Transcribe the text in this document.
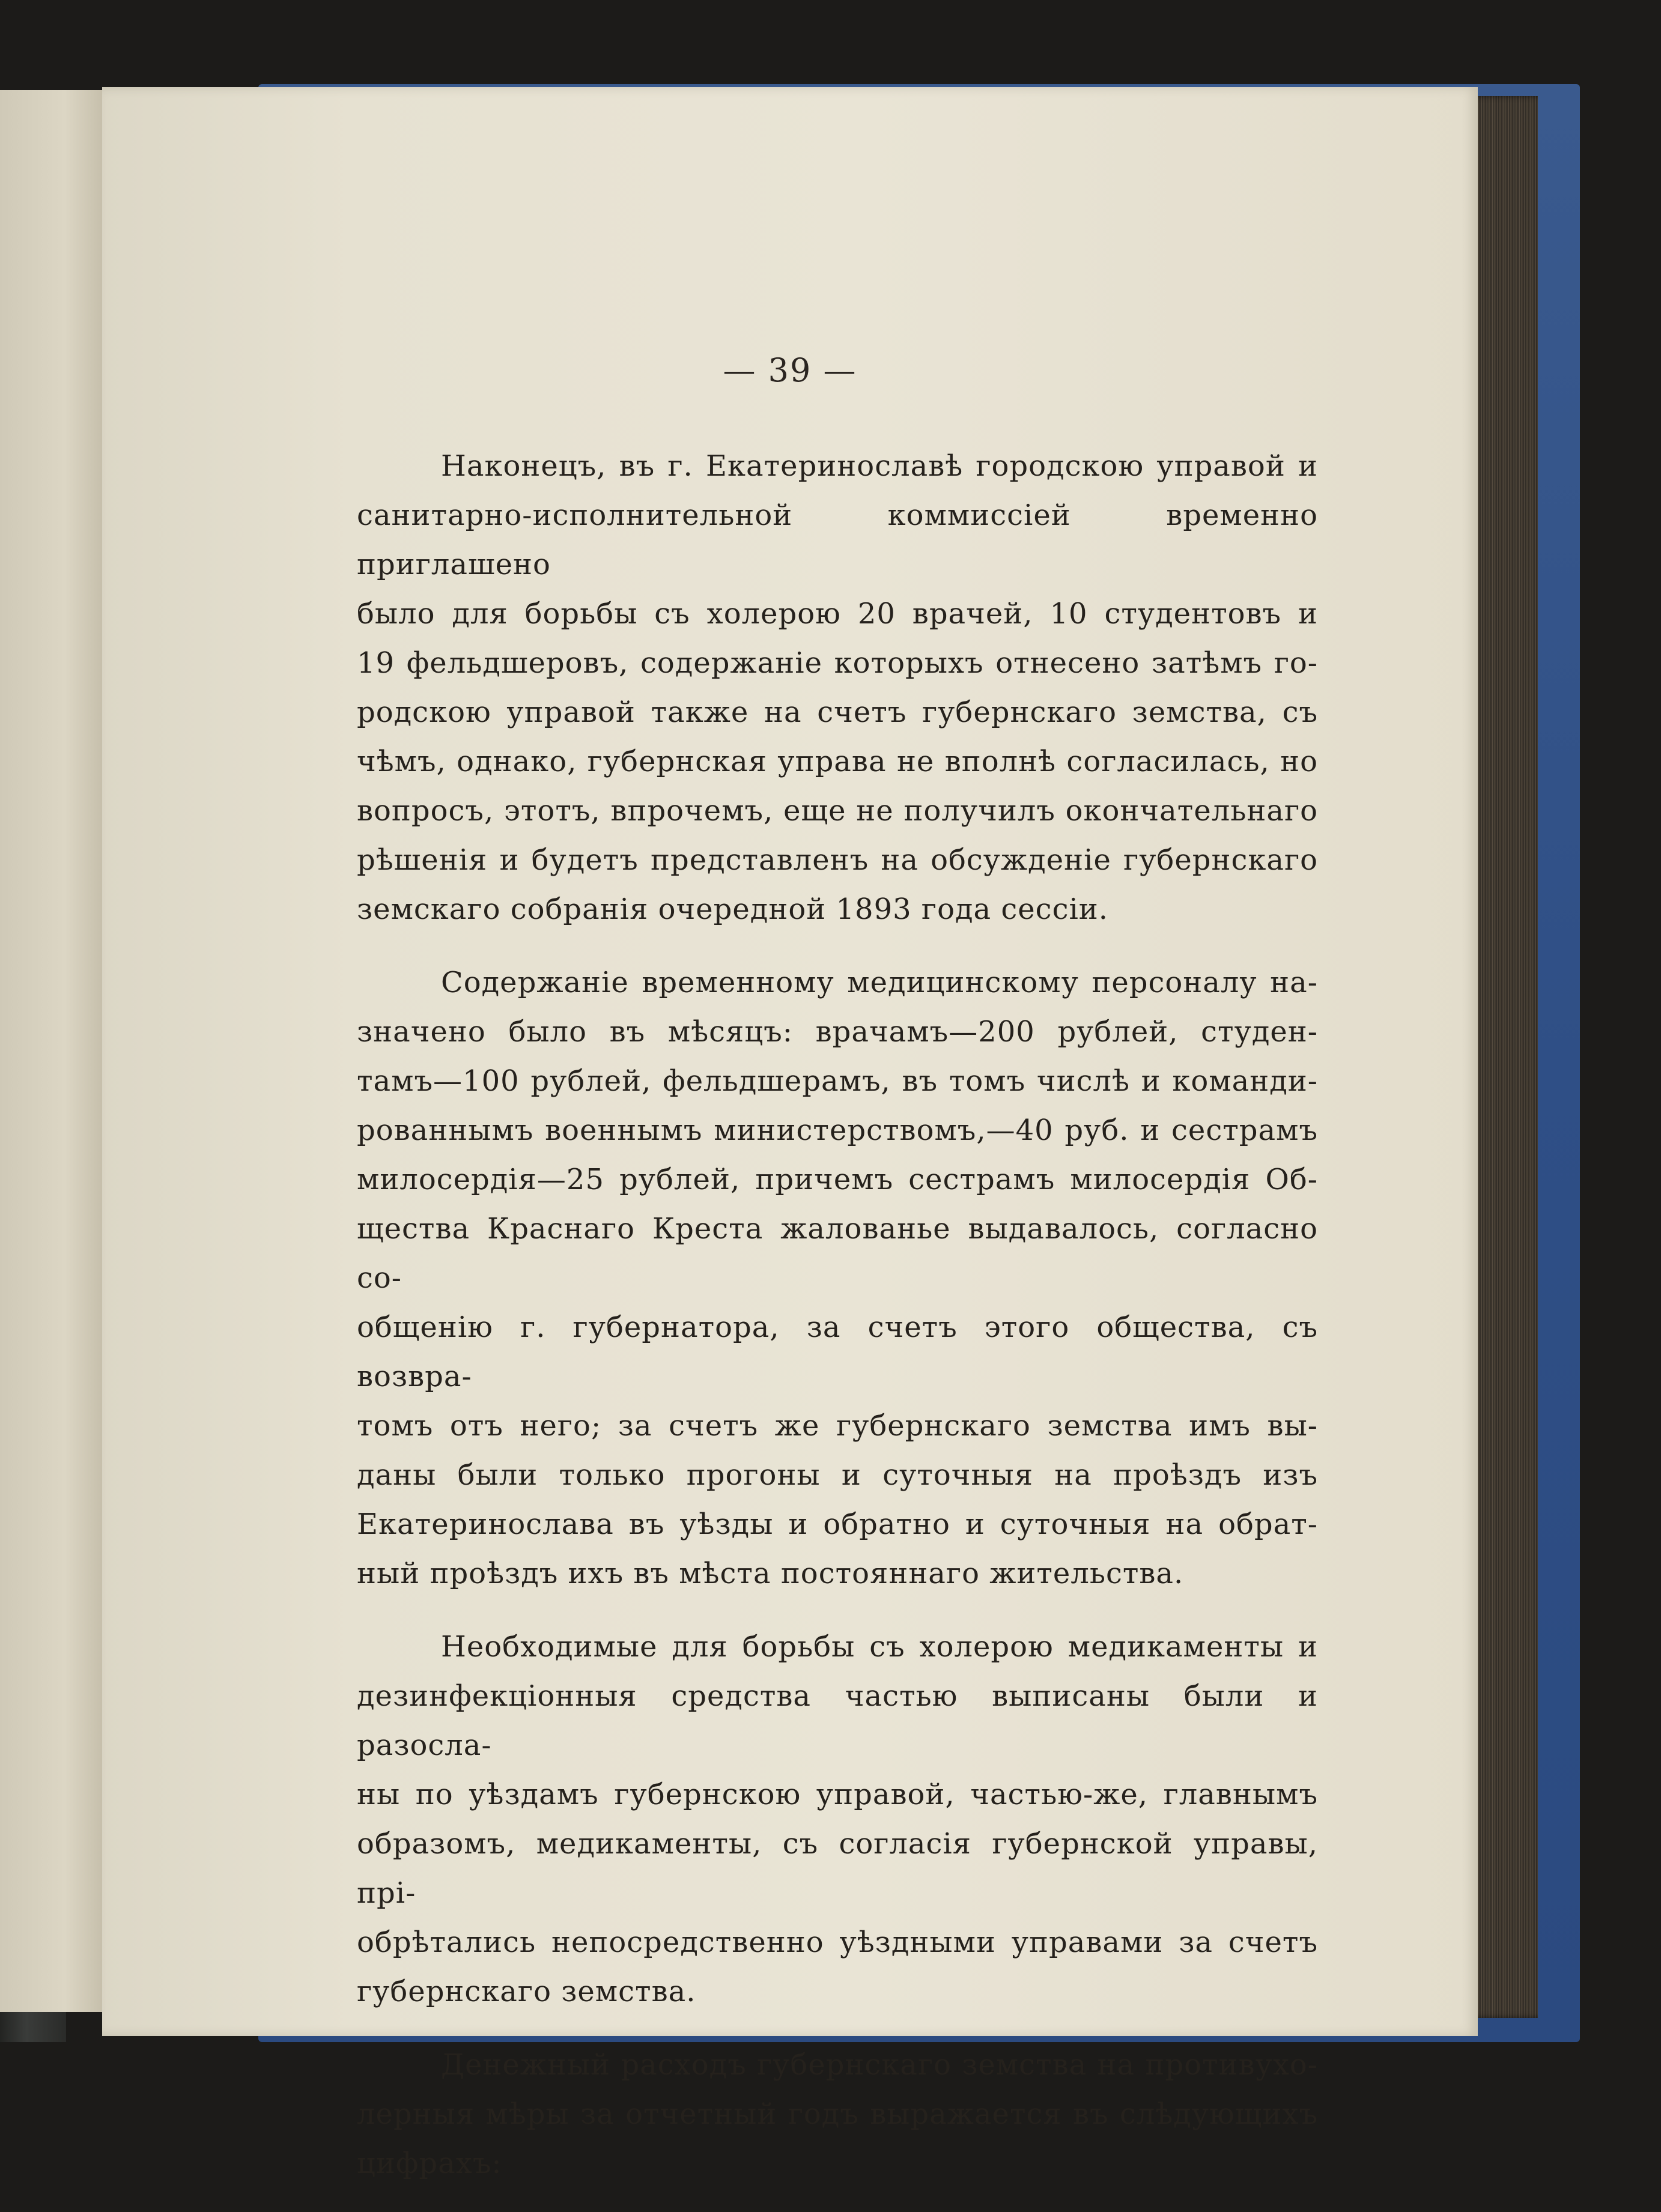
— 39 —

Наконецъ, въ г. Екатеринославѣ городскою управой и
санитарно-исполнительной коммиссіей временно приглашено
было для борьбы съ холерою 20 врачей, 10 студентовъ и
19 фельдшеровъ, содержаніе которыхъ отнесено затѣмъ го-
родскою управой также на счетъ губернскаго земства, съ
чѣмъ, однако, губернская управа не вполнѣ согласилась, но
вопросъ, этотъ, впрочемъ, еще не получилъ окончательнаго
рѣшенія и будетъ представленъ на обсужденіе губернскаго
земскаго собранія очередной 1893 года сессіи.

Содержаніе временному медицинскому персоналу на-
значено было въ мѣсяцъ: врачамъ—200 рублей, студен-
тамъ—100 рублей, фельдшерамъ, въ томъ числѣ и команди-
рованнымъ военнымъ министерствомъ,—40 руб. и сестрамъ
милосердія—25 рублей, причемъ сестрамъ милосердія Об-
щества Краснаго Креста жалованье выдавалось, согласно со-
общенію г. губернатора, за счетъ этого общества, съ возвра-
томъ отъ него; за счетъ же губернскаго земства имъ вы-
даны были только прогоны и суточныя на проѣздъ изъ
Екатеринослава въ уѣзды и обратно и суточныя на обрат-
ный проѣздъ ихъ въ мѣста постояннаго жительства.

Необходимые для борьбы съ холерою медикаменты и
дезинфекціонныя средства частью выписаны были и разосла-
ны по уѣздамъ губернскою управой, частью-же, главнымъ
образомъ, медикаменты, съ согласія губернской управы, прі-
обрѣтались непосредственно уѣздными управами за счетъ
губернскаго земства.

Денежный расходъ губернскаго земства на противухо-
лерныя мѣры за отчетный годъ выражается въ слѣдующихъ
цифрахъ:
